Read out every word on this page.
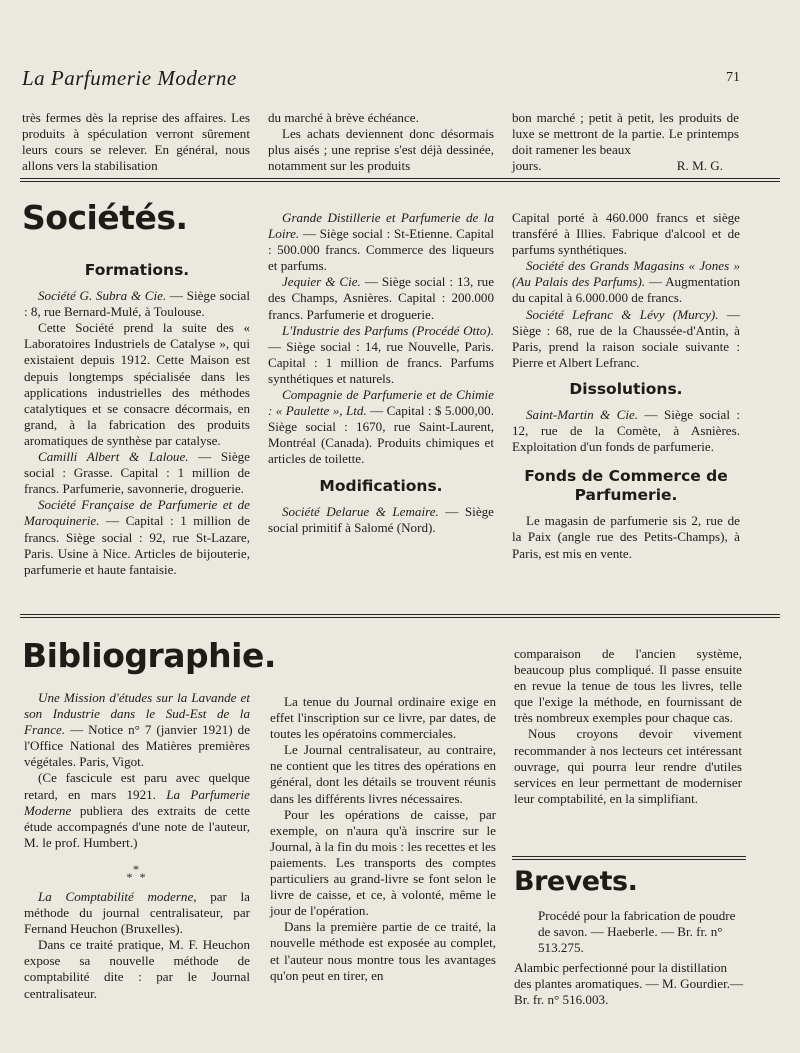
La Parfumerie Moderne	71

très fermes dès la reprise des affaires. Les produits à spéculation verront sûrement leurs cours se relever. En général, nous allons vers la stabilisation

du marché à brève échéance.

Les achats deviennent donc désormais plus aisés ; une reprise s'est déjà dessinée, notamment sur les produits

bon marché ; petit à petit, les produits de luxe se mettront de la partie. Le printemps doit ramener les beaux

jours.	R. M. G.
Sociétés.
Formations.

Société G. Subra & Cie. — Siège social : 8, rue Bernard-Mulé, à Toulouse.

Cette Société prend la suite des « Laboratoires Industriels de Catalyse », qui existaient depuis 1912. Cette Maison est depuis longtemps spécialisée dans les applications industrielles des méthodes catalytiques et se consacre décormais, en grand, à la fabrication des produits aromatiques de synthèse par catalyse.

Camilli Albert & Laloue. — Siège social : Grasse. Capital : 1 million de francs. Parfumerie, savonnerie, droguerie.

Société Française de Parfumerie et de Maroquinerie. — Capital : 1 million de francs. Siège social : 92, rue St-Lazare, Paris. Usine à Nice. Articles de bijouterie, parfumerie et haute fantaisie.

Grande Distillerie et Parfumerie de la Loire. — Siège social : St-Etienne. Capital : 500.000 francs. Commerce des liqueurs et parfums.

Jequier & Cie. — Siège social : 13, rue des Champs, Asnières. Capital : 200.000 francs. Parfumerie et droguerie.

L'Industrie des Parfums (Procédé Otto). — Siège social : 14, rue Nouvelle, Paris. Capital : 1 million de francs. Parfums synthétiques et naturels.

Compagnie de Parfumerie et de Chimie : « Paulette », Ltd. — Capital : $ 5.000,00. Siège social : 1670, rue Saint-Laurent, Montréal (Canada). Produits chimiques et articles de toilette.

Modifications.

Société Delarue & Lemaire. — Siège social primitif à Salomé (Nord).

Capital porté à 460.000 francs et siège transféré à Illies. Fabrique d'alcool et de parfums synthétiques.

Société des Grands Magasins « Jones » (Au Palais des Parfums). — Augmentation du capital à 6.000.000 de francs.

Société Lefranc & Lévy (Murcy). — Siège : 68, rue de la Chaussée-d'Antin, à Paris, prend la raison sociale suivante : Pierre et Albert Lefranc.

Dissolutions.

Saint-Martin & Cie. — Siège social : 12, rue de la Comète, à Asnières. Exploitation d'un fonds de parfumerie.

Fonds de Commerce de Parfumerie.

Le magasin de parfumerie sis 2, rue de la Paix (angle rue des Petits-Champs), à Paris, est mis en vente.

Bibliographie.

Une Mission d'études sur la Lavande et son Industrie dans le Sud-Est de la France. — Notice n° 7 (janvier 1921) de l'Office National des Matières premières végétales. Paris, Vigot.

(Ce fascicule est paru avec quelque retard, en mars 1921. La Parfumerie Moderne publiera des extraits de cette étude accompagnés d'une note de l'auteur, M. le prof. Humbert.)

*
* *

La Comptabilité moderne, par la méthode du journal centralisateur, par Fernand Heuchon (Bruxelles).

Dans ce traité pratique, M. F. Heuchon expose sa nouvelle méthode de comptabilité dite : par le Journal centralisateur.

La tenue du Journal ordinaire exige en effet l'inscription sur ce livre, par dates, de toutes les opératoins commerciales.

Le Journal centralisateur, au contraire, ne contient que les titres des opérations en général, dont les détails se trouvent réunis dans les différents livres nécessaires.

Pour les opérations de caisse, par exemple, on n'aura qu'à inscrire sur le Journal, à la fin du mois : les recettes et les paiements. Les transports des comptes particuliers au grand-livre se font selon le livre de caisse, et ce, à volonté, même le jour de l'opération.

Dans la première partie de ce traité, la nouvelle méthode est exposée au complet, et l'auteur nous montre tous les avantages qu'on peut en tirer, en

comparaison de l'ancien système, beaucoup plus compliqué. Il passe ensuite en revue la tenue de tous les livres, telle que l'exige la méthode, en fournissant de très nombreux exemples pour chaque cas.

Nous croyons devoir vivement recommander à nos lecteurs cet intéressant ouvrage, qui pourra leur rendre d'utiles services en leur permettant de moderniser leur comptabilité, en la simplifiant.

Brevets.

Procédé pour la fabrication de poudre de savon. — Haeberle. — Br. fr. n° 513.275.

Alambic perfectionné pour la distillation des plantes aromatiques. — M. Gourdier.— Br. fr. n° 516.003.
